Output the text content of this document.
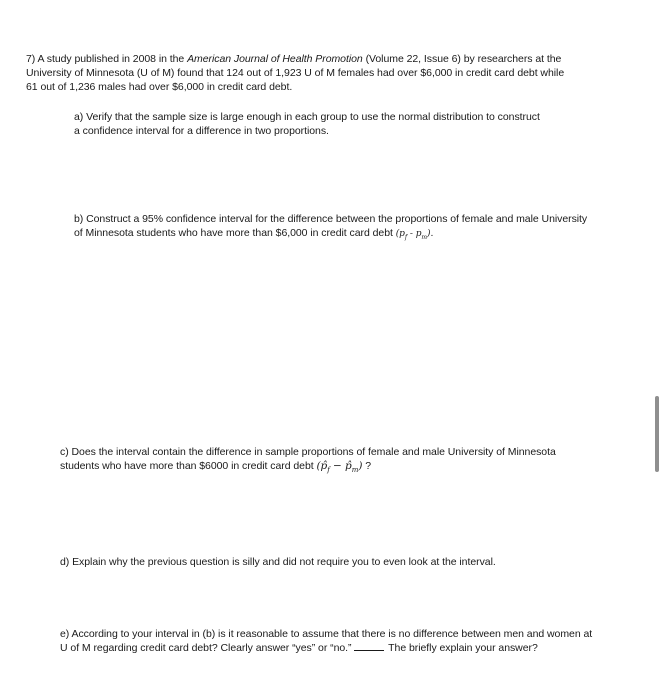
7) A study published in 2008 in the American Journal of Health Promotion (Volume 22, Issue 6) by researchers at the
University of Minnesota (U of M) found that 124 out of 1,923 U of M females had over $6,000 in credit card debt while
61 out of 1,236 males had over $6,000 in credit card debt.
a) Verify that the sample size is large enough in each group to use the normal distribution to construct
a confidence interval for a difference in two proportions.
b) Construct a 95% confidence interval for the difference between the proportions of female and male University
of Minnesota students who have more than $6,000 in credit card debt $(p_f - p_m)$.
c) Does the interval contain the difference in sample proportions of female and male University of Minnesota
students who have more than $6000 in credit card debt ($p̂_f$ − $p̂_m$) ?
d) Explain why the previous question is silly and did not require you to even look at the interval.
e) According to your interval in (b) is it reasonable to assume that there is no difference between men and women at
U of M regarding credit card debt? Clearly answer “yes” or “no.”	The briefly explain your answer?
